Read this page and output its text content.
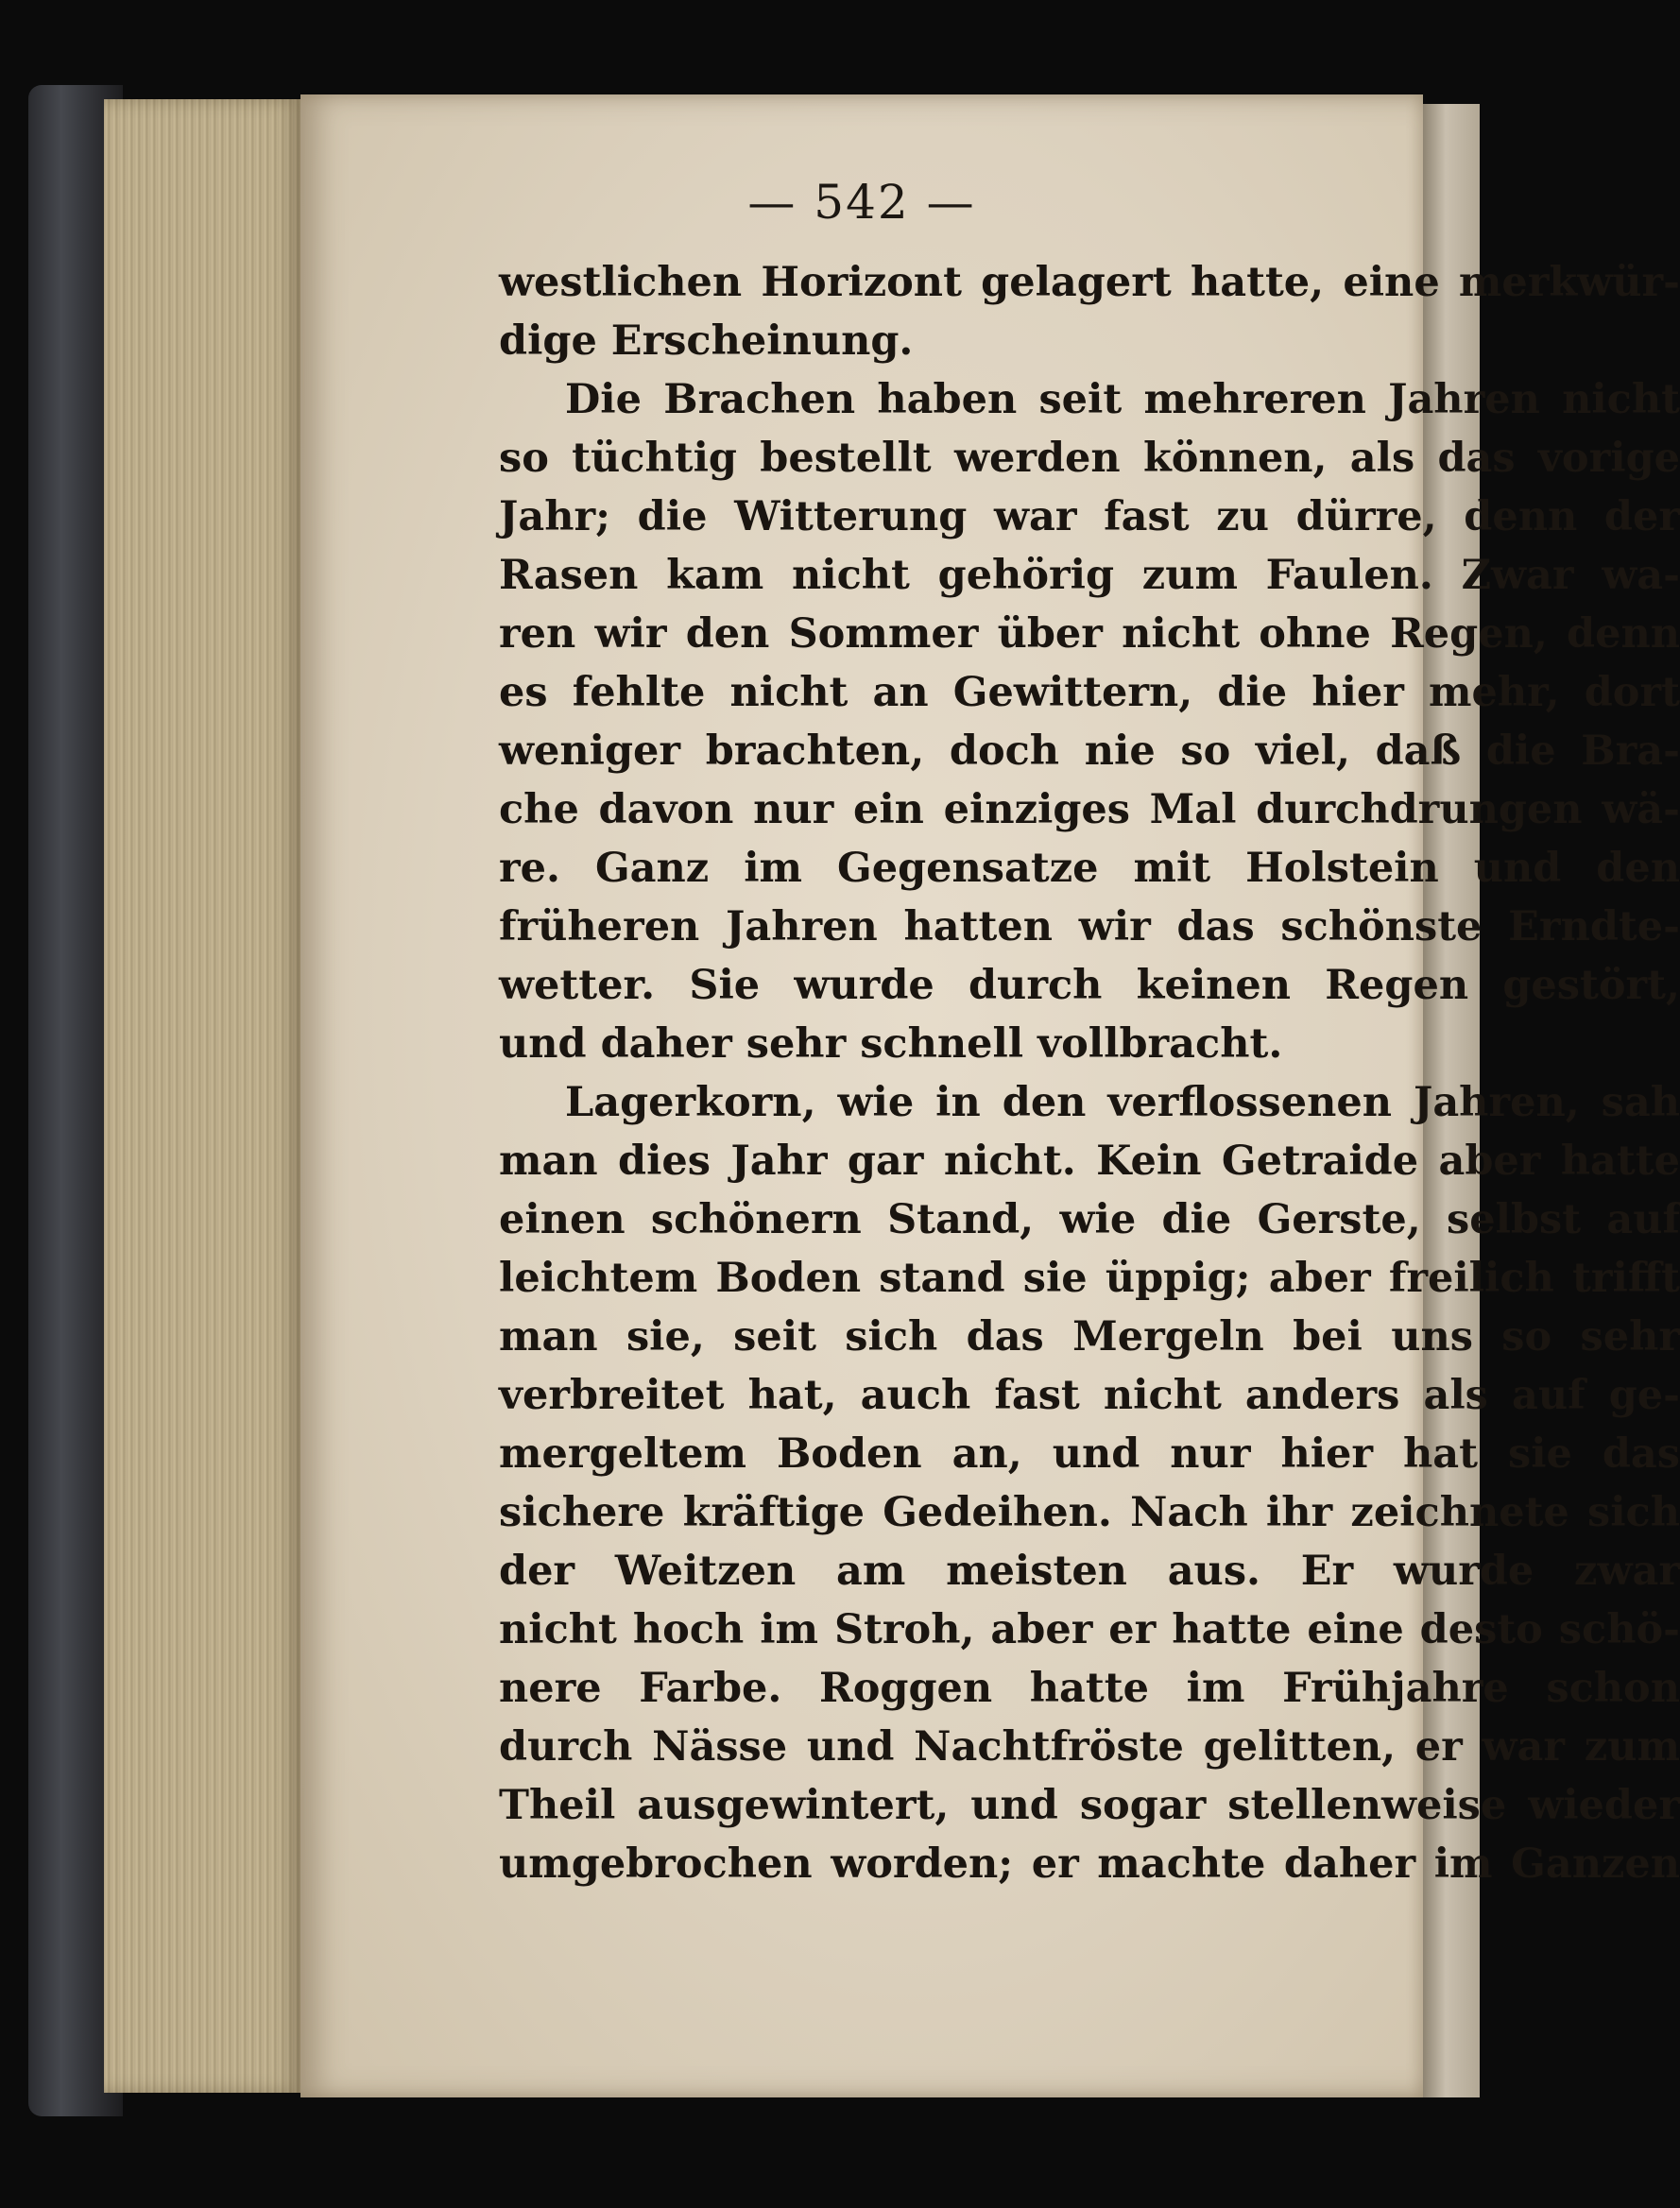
— 542 —
westlichen Horizont gelagert hatte, eine merkwür-
dige Erscheinung.
Die Brachen haben seit mehreren Jahren nicht
so tüchtig bestellt werden können, als das vorige
Jahr; die Witterung war fast zu dürre, denn der
Rasen kam nicht gehörig zum Faulen. Zwar wa-
ren wir den Sommer über nicht ohne Regen, denn
es fehlte nicht an Gewittern, die hier mehr, dort
weniger brachten, doch nie so viel, daß die Bra-
che davon nur ein einziges Mal durchdrungen wä-
re. Ganz im Gegensatze mit Holstein und den
früheren Jahren hatten wir das schönste Erndte-
wetter. Sie wurde durch keinen Regen gestört,
und daher sehr schnell vollbracht.
Lagerkorn, wie in den verflossenen Jahren, sah
man dies Jahr gar nicht. Kein Getraide aber hatte
einen schönern Stand, wie die Gerste, selbst auf
leichtem Boden stand sie üppig; aber freilich trifft
man sie, seit sich das Mergeln bei uns so sehr
verbreitet hat, auch fast nicht anders als auf ge-
mergeltem Boden an, und nur hier hat sie das
sichere kräftige Gedeihen. Nach ihr zeichnete sich
der Weitzen am meisten aus. Er wurde zwar
nicht hoch im Stroh, aber er hatte eine desto schö-
nere Farbe. Roggen hatte im Frühjahre schon
durch Nässe und Nachtfröste gelitten, er war zum
Theil ausgewintert, und sogar stellenweise wieder
umgebrochen worden; er machte daher im Ganzen
